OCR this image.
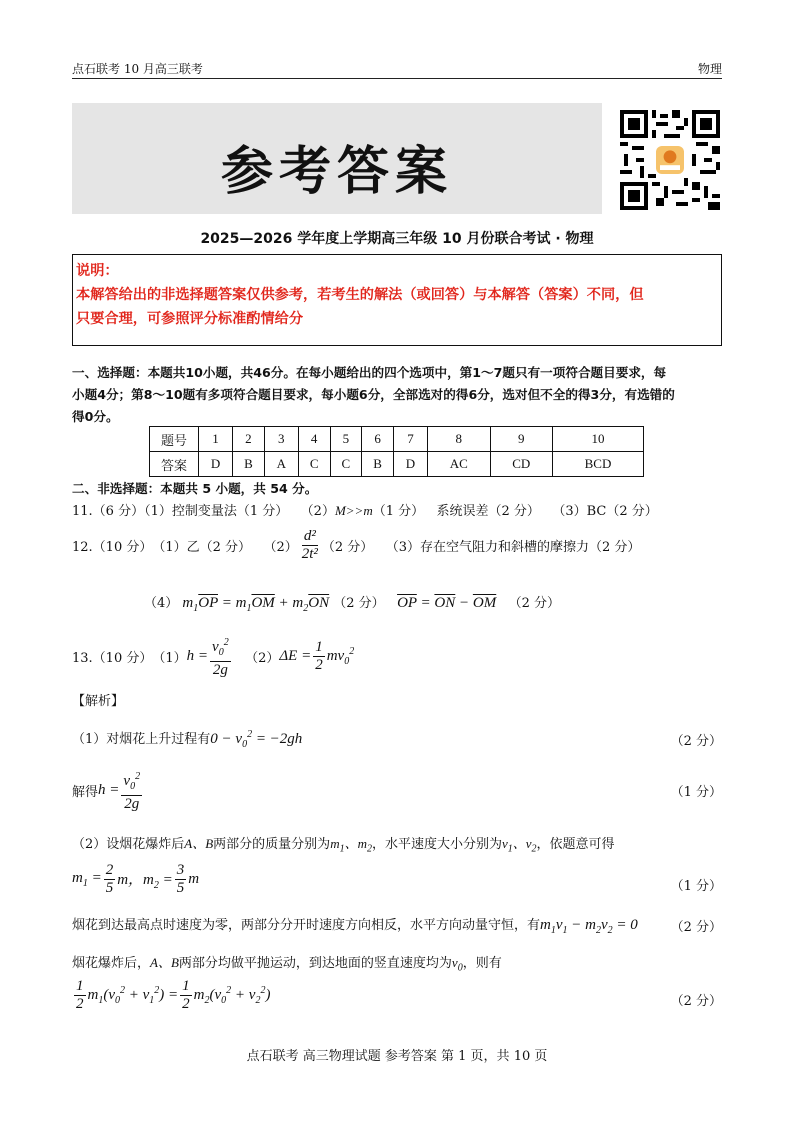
点石联考 10 月高三联考	物理
参考答案
2025—2026 学年度上学期高三年级 10 月份联合考试 · 物理
说明：
本解答给出的非选择题答案仅供参考，若考生的解法（或回答）与本解答（答案）不同，但
只要合理，可参照评分标准酌情给分
一、选择题：本题共10小题，共46分。在每小题给出的四个选项中，第1～7题只有一项符合题目要求，每
小题4分；第8～10题有多项符合题目要求，每小题6分，全部选对的得6分，选对但不全的得3分，有选错的
得0分。
题号	1	2	3	4	5	6	7	8	9	10
答案	D	B	A	C	C	B	D	AC	CD	BCD
二、非选择题：本题共 5 小题，共 54 分。
11.（6 分）（1）控制变量法（1 分） （2）M>>m（1 分） 系统误差（2 分） （3）BC（2 分）
12.（10 分） （1）乙（2 分）
$(2) \frac{\text{d²}}{\text{2t²}} (2$ 分）
（3）存在空气阻力和斜槽的摩擦力（2 分）
（4） $m_1\overline{OP} = m_1\overline{OM} + m_2\overline{ON}$ （2 分） $\overline{OP} = \overline{ON} - \overline{OM}$ （2 分）
13.（10 分） （1） $h = \frac{v_0^2}{2g}$
（2） $\Delta E = \frac{1}{2} mv_0^2$
【解析】
（1）对烟花上升过程有$0 - v_0^2 = -2gh$	（2 分）
解得 $h = \frac{v_0^2}{2g}$	（1 分）
（2）设烟花爆炸后A、B两部分的质量分别为$m_1$、$m_2$，水平速度大小分别为$v_1$、$v_2$，依题意可得
$m_1 = \frac{2}{5}$ m，$m_2 = \frac{3}{5}$ m	（1 分）
烟花到达最高点时速度为零，两部分分开时速度方向相反，水平方向动量守恒，有$m_1v_1 - m_2v_2 = 0$	（2 分）
烟花爆炸后，A、B两部分均做平抛运动，到达地面的竖直速度均为$v_0$，则有
$\frac{1}{2} m_1(v_0^2 + v_1^2) = \frac{1}{2} m_2(v_0^2 + v_2^2)$	（2 分）
点石联考 高三物理试题 参考答案 第 1 页，共 10 页
